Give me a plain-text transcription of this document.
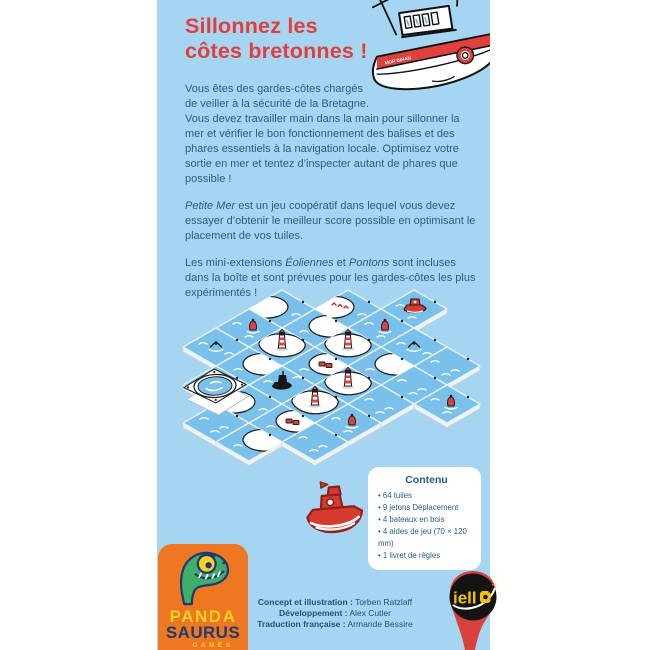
Sillonnez les
côtes bretonnes !	MOR BIHAN

Vous êtes des gardes-côtes chargés de veiller à la sécurité de la Bretagne. Vous devez travailler main dans la main pour sillonner la mer et vérifier le bon fonctionnement des balises et des phares essentiels à la navigation locale. Optimisez votre sortie en mer et tentez d’inspecter autant de phares que possible !

Petite Mer est un jeu coopératif dans lequel vous devez essayer d’obtenir le meilleur score possible en optimisant le placement de vos tuiles.

Les mini-extensions Éoliennes et Pontons sont incluses dans la boîte et sont prévues pour les gardes-côtes les plus expérimentés !

Concept et illustration : Torben Ratzlaff
Développement : Alex Cutler
Traduction française : Armande Bessire
Contenu
• 64 tuiles
• 9 jetons Déplacement
• 4 bateaux en bois
• 4 aides de jeu (70 × 120 mm)
• 1 livret de règles
PANDA
SAURUS
GAMES
iell
™
